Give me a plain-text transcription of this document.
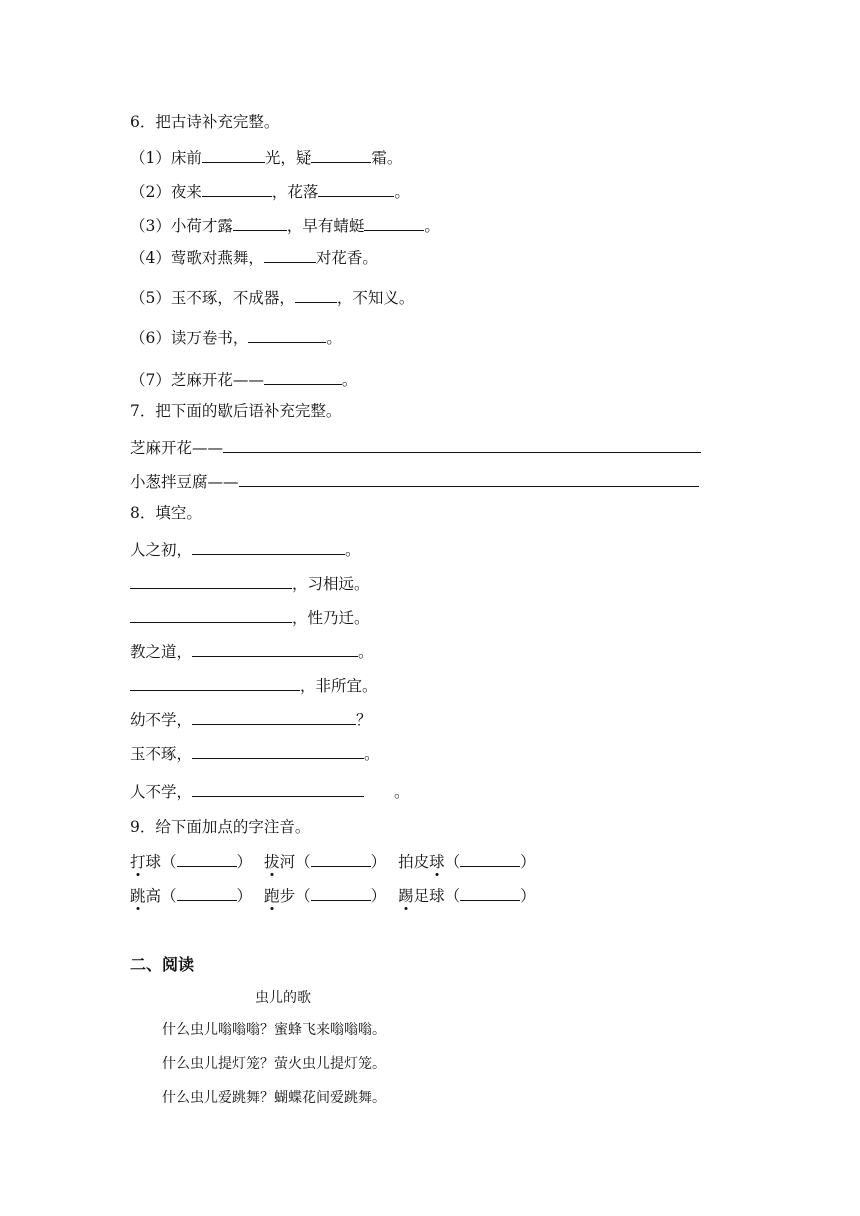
6．把古诗补充完整。
（1）床前	光，疑	霜。
（2）夜来	，花落	。
（3）小荷才露	，早有蜻蜓	。
（4）莺歌对燕舞，	对花香。
（5）玉不琢，不成器，	，不知义。
（6）读万卷书，	。
（7）芝麻开花——	。
7．把下面的歇后语补充完整。
芝麻开花——
小葱拌豆腐——
8．填空。
人之初，	。
，习相远。
，性乃迁。
教之道，	。
，非所宜。
幼不学，	？
玉不琢，	。
人不学，	。
9．给下面加点的字注音。
打球（	） 拔河（	） 拍皮球（	）
跳高（	） 跑步（	） 踢足球（	）
二、阅读
虫儿的歌
什么虫儿嗡嗡嗡？蜜蜂飞来嗡嗡嗡。
什么虫儿提灯笼？萤火虫儿提灯笼。
什么虫儿爱跳舞？蝴蝶花间爱跳舞。
